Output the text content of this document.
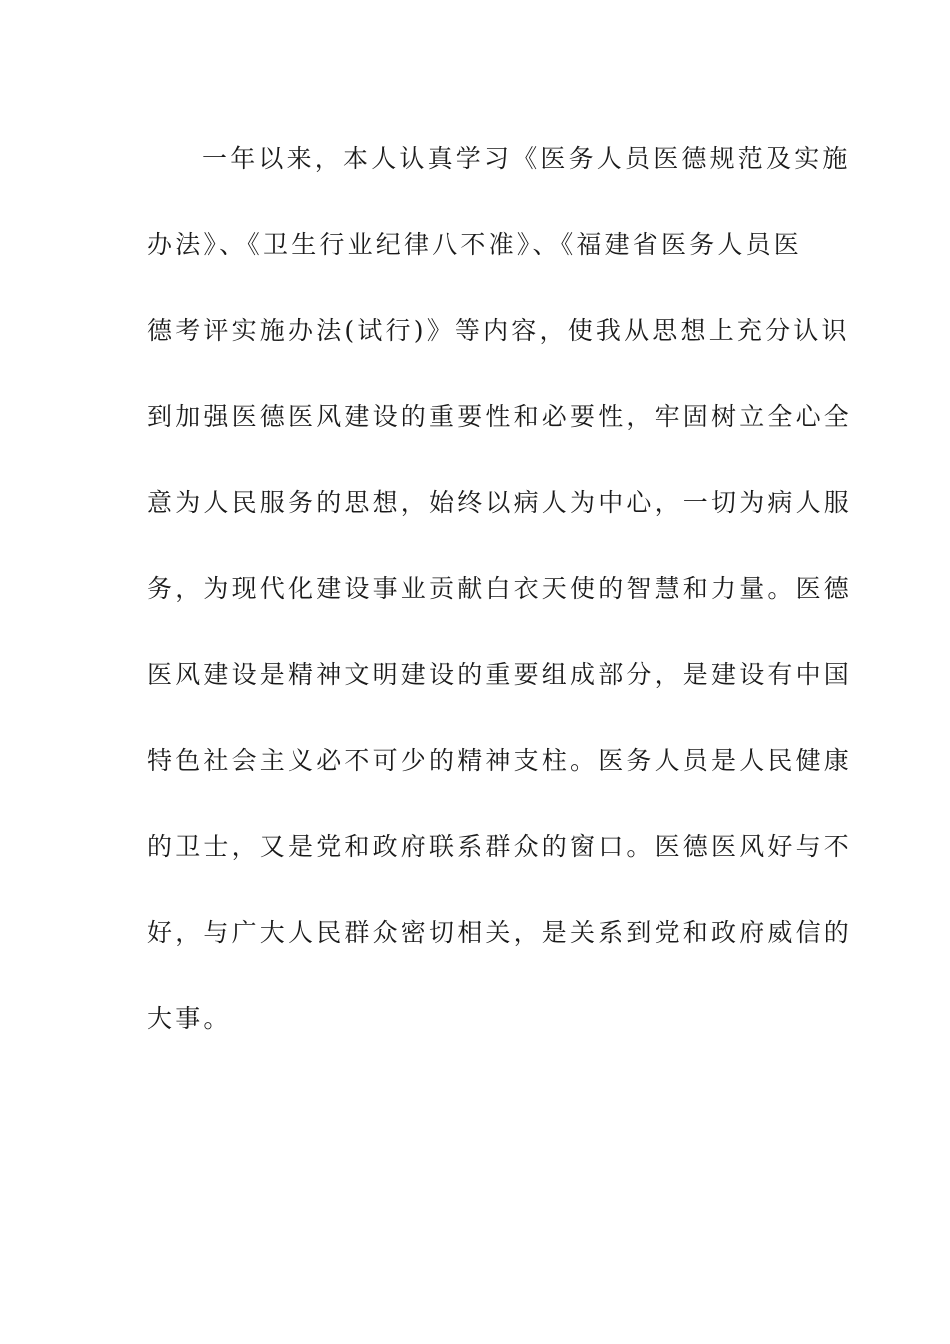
一年以来，本人认真学习《医务人员医德规范及实施
办法》、《卫生行业纪律八不准》、《福建省医务人员医
德考评实施办法(试行)》等内容，使我从思想上充分认识
到加强医德医风建设的重要性和必要性，牢固树立全心全
意为人民服务的思想，始终以病人为中心，一切为病人服
务，为现代化建设事业贡献白衣天使的智慧和力量。医德
医风建设是精神文明建设的重要组成部分，是建设有中国
特色社会主义必不可少的精神支柱。医务人员是人民健康
的卫士，又是党和政府联系群众的窗口。医德医风好与不
好，与广大人民群众密切相关，是关系到党和政府威信的
大事。
